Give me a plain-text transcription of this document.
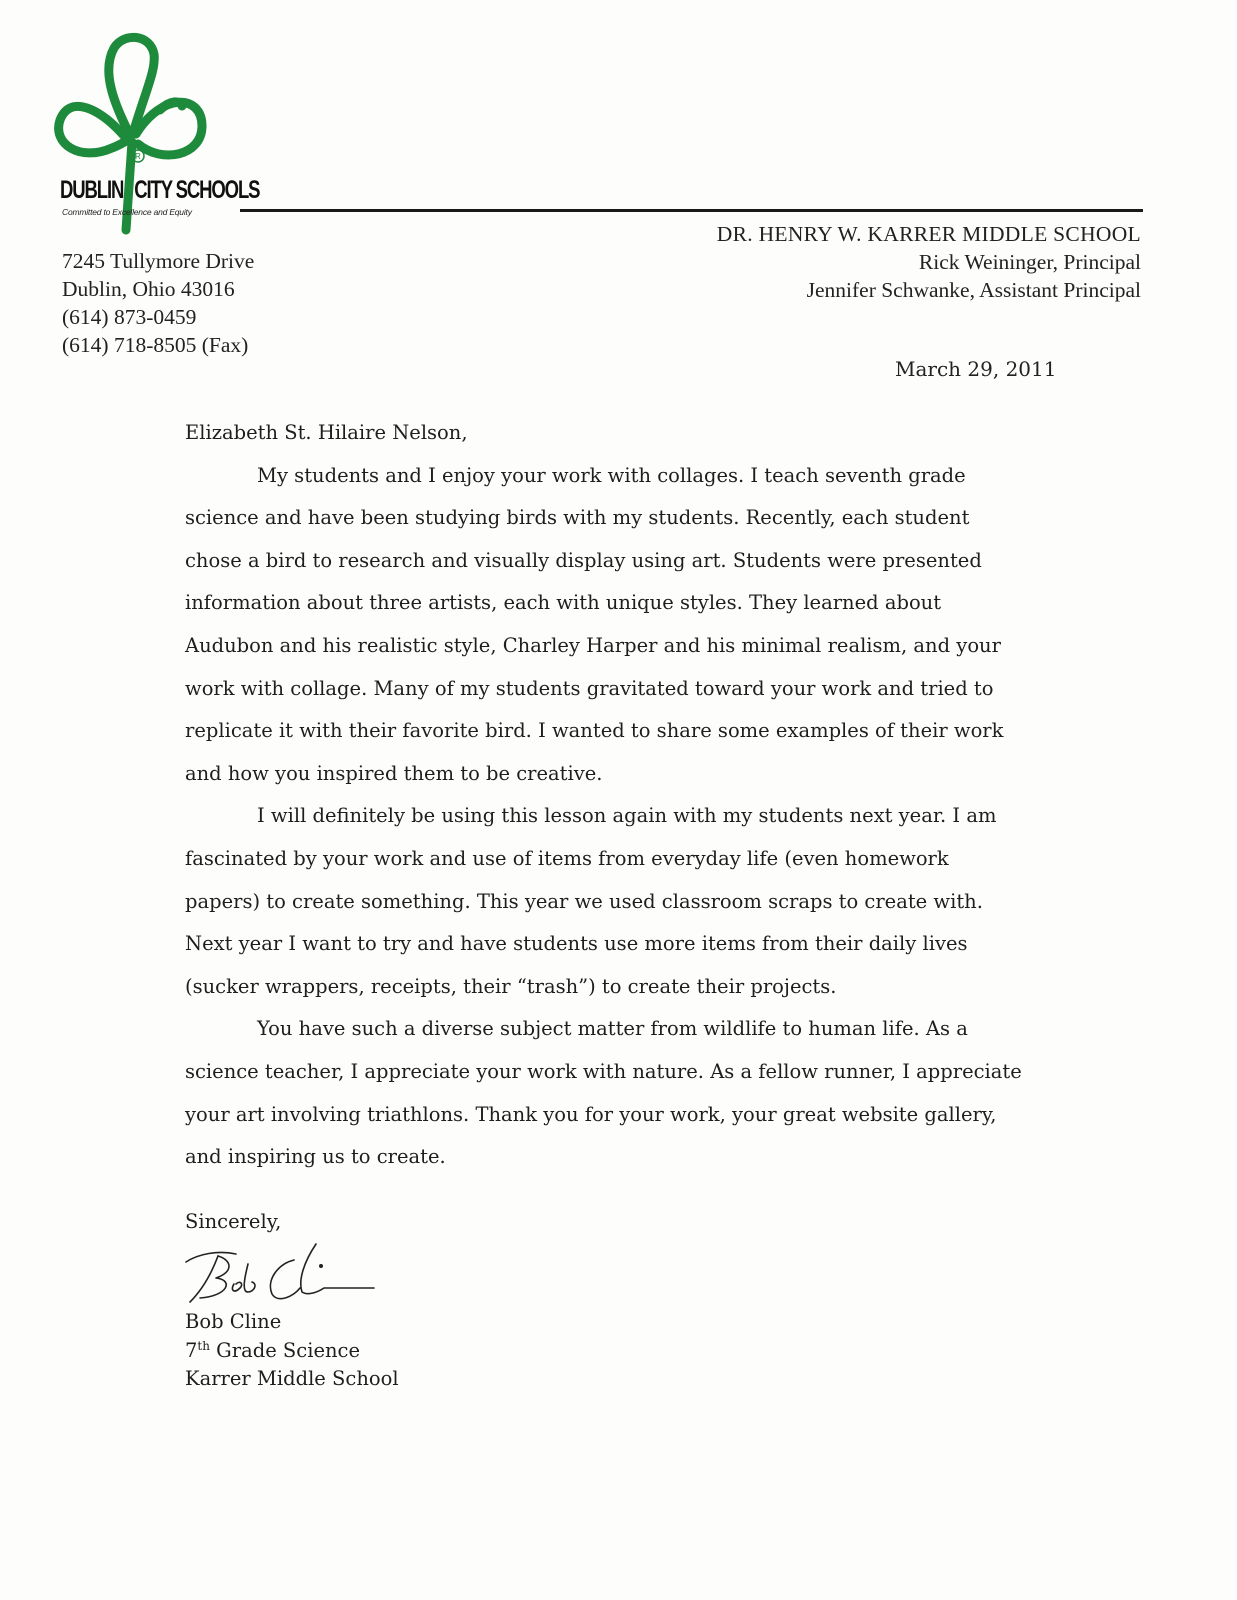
R
DUBLIN CITY SCHOOLS
Committed to Excellence and Equity
7245 Tullymore Drive
Dublin, Ohio 43016
(614) 873-0459
(614) 718-8505 (Fax)
DR. HENRY W. KARRER MIDDLE SCHOOL
Rick Weininger, Principal
Jennifer Schwanke, Assistant Principal
March 29, 2011

Elizabeth St. Hilaire Nelson,

My students and I enjoy your work with collages. I teach seventh grade
science and have been studying birds with my students. Recently, each student
chose a bird to research and visually display using art. Students were presented
information about three artists, each with unique styles. They learned about
Audubon and his realistic style, Charley Harper and his minimal realism, and your
work with collage. Many of my students gravitated toward your work and tried to
replicate it with their favorite bird. I wanted to share some examples of their work
and how you inspired them to be creative.
I will definitely be using this lesson again with my students next year. I am
fascinated by your work and use of items from everyday life (even homework
papers) to create something. This year we used classroom scraps to create with.
Next year I want to try and have students use more items from their daily lives
(sucker wrappers, receipts, their “trash”) to create their projects.
You have such a diverse subject matter from wildlife to human life. As a
science teacher, I appreciate your work with nature. As a fellow runner, I appreciate
your art involving triathlons. Thank you for your work, your great website gallery,
and inspiring us to create.
Sincerely,
Bob Cline
7th Grade Science
Karrer Middle School
